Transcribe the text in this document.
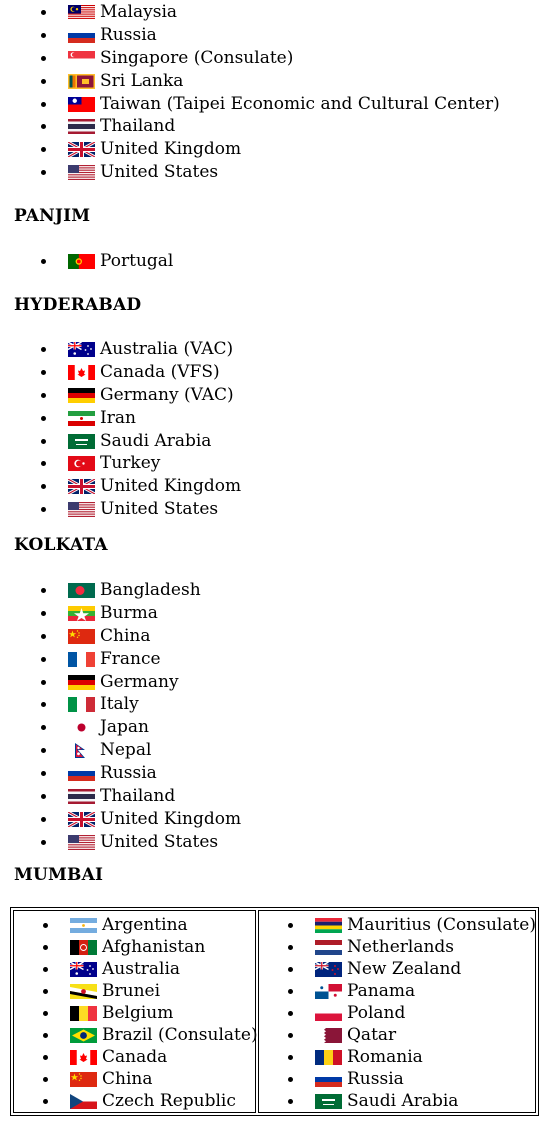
Malaysia
Russia
Singapore (Consulate)
Sri Lanka
Taiwan (Taipei Economic and Cultural Center)
Thailand
United Kingdom
United States
PANJIM
Portugal
HYDERABAD
Australia (VAC)
Canada (VFS)
Germany (VAC)
Iran
Saudi Arabia
Turkey
United Kingdom
United States
KOLKATA
Bangladesh
Burma
China
France
Germany
Italy
Japan
Nepal
Russia
Thailand
United Kingdom
United States
MUMBAI
Argentina
Afghanistan
Australia
Brunei
Belgium
Brazil (Consulate)
Canada
China
Czech Republic
Mauritius (Consulate)
Netherlands
New Zealand
Panama
Poland
Qatar
Romania
Russia
Saudi Arabia
